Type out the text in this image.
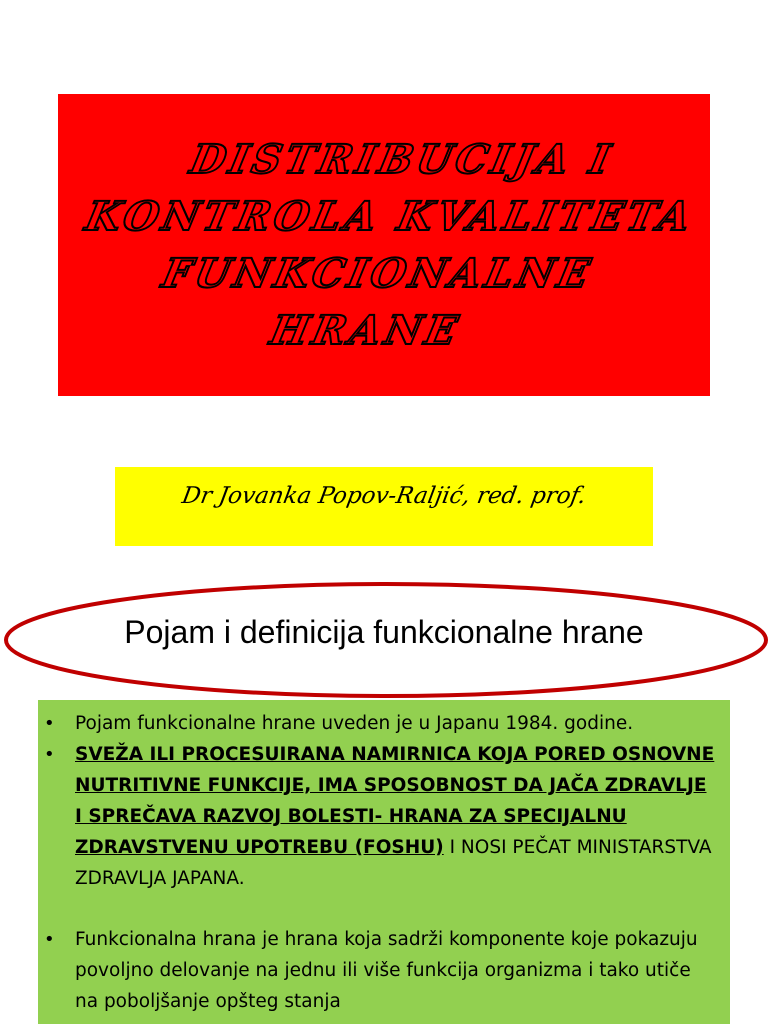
DISTRIBUCIJA I KONTROLA KVALITETA FUNKCIONALNE HRANE
Dr Jovanka Popov-Raljić, red. prof.
Pojam i definicija funkcionalne hrane
• Pojam funkcionalne hrane uveden je u Japanu 1984. godine.
• SVEŽA ILI PROCESUIRANA NAMIRNICA KOJA PORED OSNOVNE NUTRITIVNE FUNKCIJE, IMA SPOSOBNOST DA JAČA ZDRAVLJE I SPREČAVA RAZVOJ BOLESTI- HRANA ZA SPECIJALNU ZDRAVSTVENU UPOTREBU (FOSHU) I NOSI PEČAT MINISTARSTVA ZDRAVLJA JAPANA.
• Funkcionalna hrana je hrana koja sadrži komponente koje pokazuju povoljno delovanje na jednu ili više funkcija organizma i tako utiče na poboljšanje opšteg stanja
